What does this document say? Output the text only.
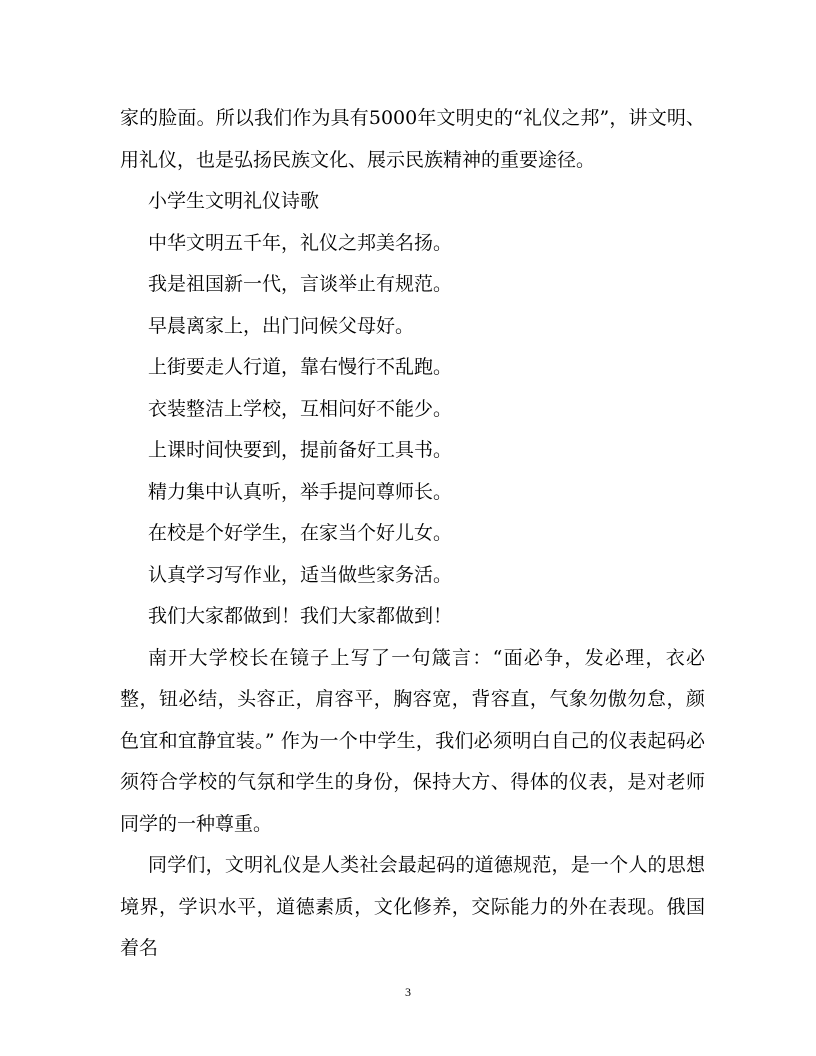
家的脸面。所以我们作为具有5000年文明史的“礼仪之邦”，讲文明、用礼仪，也是弘扬民族文化、展示民族精神的重要途径。

小学生文明礼仪诗歌

中华文明五千年，礼仪之邦美名扬。

我是祖国新一代，言谈举止有规范。

早晨离家上，出门问候父母好。

上街要走人行道，靠右慢行不乱跑。

衣装整洁上学校，互相问好不能少。

上课时间快要到，提前备好工具书。

精力集中认真听，举手提问尊师长。

在校是个好学生，在家当个好儿女。

认真学习写作业，适当做些家务活。

我们大家都做到！我们大家都做到！

南开大学校长在镜子上写了一句箴言：“面必争，发必理，衣必整，钮必结，头容正，肩容平，胸容宽，背容直，气象勿傲勿怠，颜色宜和宜静宜装。” 作为一个中学生，我们必须明白自己的仪表起码必须符合学校的气氛和学生的身份，保持大方、得体的仪表，是对老师同学的一种尊重。

同学们，文明礼仪是人类社会最起码的道德规范，是一个人的思想境界，学识水平，道德素质，文化修养，交际能力的外在表现。俄国着名

3
